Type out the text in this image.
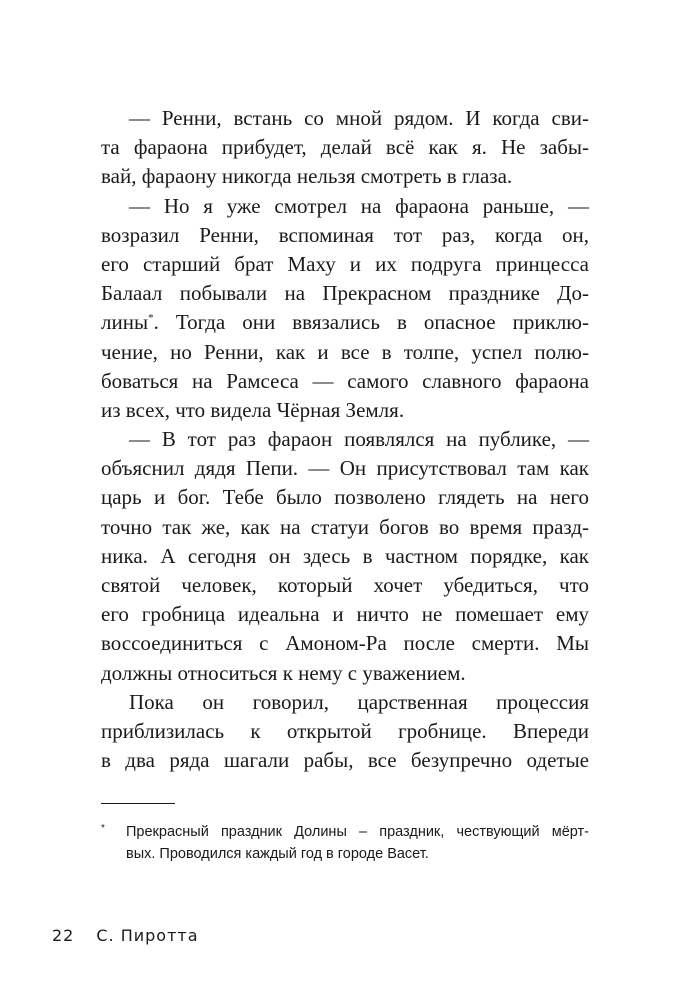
— Ренни, встань со мной рядом. И когда сви-
та фараона прибудет, делай всё как я. Не забы-
вай, фараону никогда нельзя смотреть в глаза.
— Но я уже смотрел на фараона раньше, —
возразил Ренни, вспоминая тот раз, когда он,
его старший брат Маху и их подруга принцесса
Балаал побывали на Прекрасном празднике До-
лины*. Тогда они ввязались в опасное приклю-
чение, но Ренни, как и все в толпе, успел полю-
боваться на Рамсеса — самого славного фараона
из всех, что видела Чёрная Земля.
— В тот раз фараон появлялся на публике, —
объяснил дядя Пепи. — Он присутствовал там как
царь и бог. Тебе было позволено глядеть на него
точно так же, как на статуи богов во время празд-
ника. А сегодня он здесь в частном порядке, как
святой человек, который хочет убедиться, что
его гробница идеальна и ничто не помешает ему
воссоединиться с Амоном-Ра после смерти. Мы
должны относиться к нему с уважением.
Пока он говорил, царственная процессия
приблизилась к открытой гробнице. Впереди
в два ряда шагали рабы, все безупречно одетые
* Прекрасный праздник Долины – праздник, чествующий мёрт-
вых. Проводился каждый год в городе Васет.
22 С. Пиротта
